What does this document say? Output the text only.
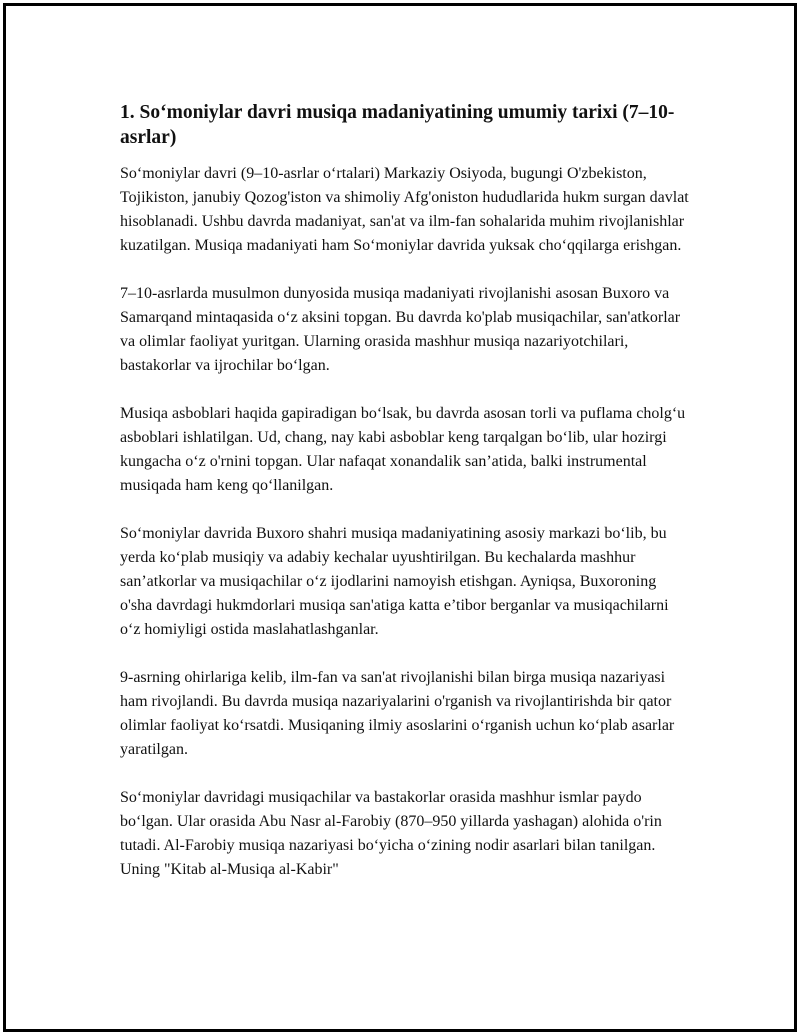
1. So‘moniylar davri musiqa madaniyatining umumiy tarixi (7–10-asrlar)

So‘moniylar davri (9–10-asrlar o‘rtalari) Markaziy Osiyoda, bugungi O'zbekiston, Tojikiston, janubiy Qozog'iston va shimoliy Afg'oniston hududlarida hukm surgan davlat hisoblanadi. Ushbu davrda madaniyat, san'at va ilm-fan sohalarida muhim rivojlanishlar kuzatilgan. Musiqa madaniyati ham So‘moniylar davrida yuksak cho‘qqilarga erishgan.

7–10-asrlarda musulmon dunyosida musiqa madaniyati rivojlanishi asosan Buxoro va Samarqand mintaqasida o‘z aksini topgan. Bu davrda ko'plab musiqachilar, san'atkorlar va olimlar faoliyat yuritgan. Ularning orasida mashhur musiqa nazariyotchilari, bastakorlar va ijrochilar bo‘lgan.

Musiqa asboblari haqida gapiradigan bo‘lsak, bu davrda asosan torli va puflama cholg‘u asboblari ishlatilgan. Ud, chang, nay kabi asboblar keng tarqalgan bo‘lib, ular hozirgi kungacha o‘z o'rnini topgan. Ular nafaqat xonandalik san’atida, balki instrumental musiqada ham keng qo‘llanilgan.

So‘moniylar davrida Buxoro shahri musiqa madaniyatining asosiy markazi bo‘lib, bu yerda ko‘plab musiqiy va adabiy kechalar uyushtirilgan. Bu kechalarda mashhur san’atkorlar va musiqachilar o‘z ijodlarini namoyish etishgan. Ayniqsa, Buxoroning o'sha davrdagi hukmdorlari musiqa san'atiga katta e’tibor berganlar va musiqachilarni o‘z homiyligi ostida maslahatlashganlar.

9-asrning ohirlariga kelib, ilm-fan va san'at rivojlanishi bilan birga musiqa nazariyasi ham rivojlandi. Bu davrda musiqa nazariyalarini o'rganish va rivojlantirishda bir qator olimlar faoliyat ko‘rsatdi. Musiqaning ilmiy asoslarini o‘rganish uchun ko‘plab asarlar yaratilgan.

So‘moniylar davridagi musiqachilar va bastakorlar orasida mashhur ismlar paydo bo‘lgan. Ular orasida Abu Nasr al-Farobiy (870–950 yillarda yashagan) alohida o'rin tutadi. Al-Farobiy musiqa nazariyasi bo‘yicha o‘zining nodir asarlari bilan tanilgan. Uning "Kitab al-Musiqa al-Kabir"
